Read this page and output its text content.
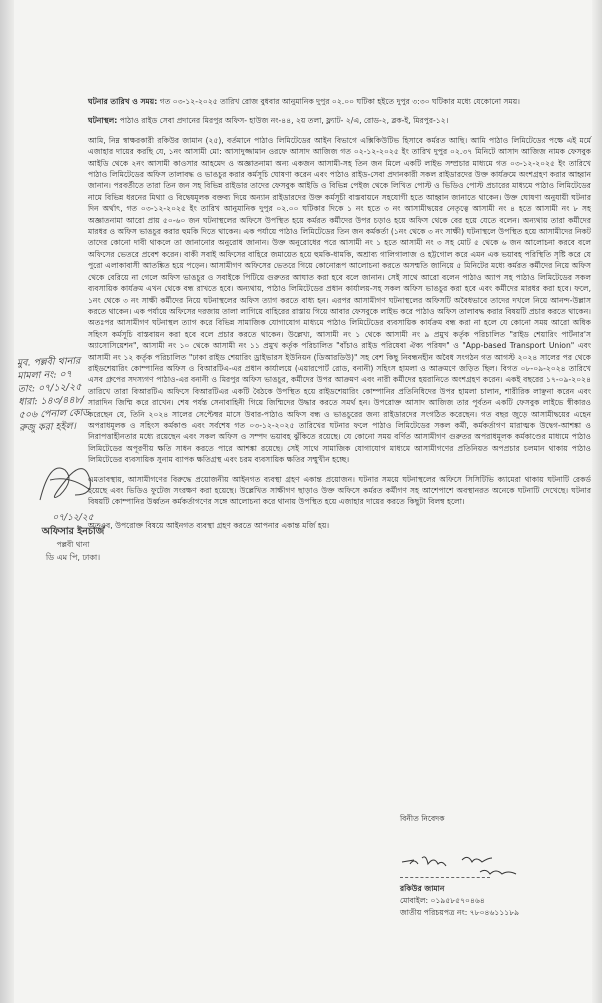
ঘটনার তারিখ ও সময়: গত ০৩-১২-২০২৫ তারিখ রোজ বুধবার আনুমানিক দুপুর ০২.০০ ঘটিকা হইতে দুপুর ৩:৩০ ঘটিকার মধ্যে যেকোনো সময়।

ঘটনাস্থল: পাঠাও রাইড সেবা প্রদানের মিরপুর অফিস- হাউজ নং-৪৪, ২য় তলা, ফ্ল্যাট- ২/এ, রোড-২, ব্লক-ই, মিরপুর-১২।

আমি, নিম্ন স্বাক্ষরকারী রকিউর জামান (২৫), বর্তমানে পাঠাও লিমিটেডের আইন বিভাগে এক্সিকিউটিভ হিসাবে কর্মরত আছি। আমি পাঠাও লিমিটেডের পক্ষে এই মর্মে এজাহার দায়ের করছি যে, ১নং আসামী মো: আসাদুজ্জামান ওরফে আসাদ আজিজ গত ০২-১২-২০২৫ ইং তারিখ দুপুর ০২.৩৭ মিনিটে আসাদ আজিজ নামক ফেসবুক আইডি থেকে ২নং আসামী কাওসার আহমেদ ও অজ্ঞাতনামা অন্য একজন আসামী-সহ তিন জন মিলে একটি লাইভ সম্প্রচার মাধ্যমে গত ০৩-১২-২০২৫ ইং তারিখে পাঠাও লিমিটেডের অফিস তালাবদ্ধ ও ভাঙচুর করার কর্মসূচি ঘোষণা করেন এবং পাঠাও রাইড-সেবা প্রদানকারী সকল রাইডারদের উক্ত কার্যক্রমে অংশগ্রহণ করার আহ্বান জানান। পরবর্তীতে তারা তিন জন সহ বিভিন্ন রাইডার তাদের ফেসবুক আইডি ও বিভিন্ন পেইজ থেকে লিখিত পোস্ট ও ভিডিও পোস্ট প্রচারের মাধ্যমে পাঠাও লিমিটেডের নামে বিভিন্ন ধরনের মিথ্যা ও বিদ্বেষমূলক বক্তব্য দিয়ে অন্যান রাইডারদের উক্ত কর্মসূচী বাস্তবায়নে সহযোগী হতে আহ্বান জানাতে থাকেন। উক্ত ঘোষণা অনুযায়ী ঘটনার দিন অর্থাৎ, গত ০৩-১২-২০২৫ ইং তারিখ আনুমানিক দুপুর ০২.০০ ঘটিকার দিকে ১ নং হতে ৩ নং আসামীদ্বয়ের নেতৃত্বে আসামী নং ৪ হতে আসামী নং ৮ সহ অজ্ঞাতনামা আরো প্রায় ৫০-৬০ জন ঘটনাস্থলের অফিসে উপস্থিত হয়ে কর্মরত কর্মীদের উপর চড়াও হয়ে অফিস থেকে বের হয়ে যেতে বলেন। অন্যথায় তারা কর্মীদের মারধর ও অফিস ভাঙচুর করার হুমকি দিতে থাকেন। এক পর্যায়ে পাঠাও লিমিটেডের তিন জন কর্মকর্তা (১নং থেকে ৩ নং সাক্ষী) ঘটনাস্থলে উপস্থিত হয়ে আসামীদের নিকট তাদের কোনো দাবী থাকলে তা জানানোর অনুরোধ জানান। উক্ত অনুরোধের পরে আসামী নং ১ হতে আসামী নং ৩ সহ মোট ৫ থেকে ৬ জন আলোচনা করবে বলে অফিসের ভেতরে প্রবেশ করেন। বাকী সবাই অফিসের বাহিরে জমায়েত হয়ে হুমকি-ধামকি, অশ্রাব্য গালিগালাজ ও হট্টগোল করে এমন এক ভয়াবহ পরিস্থিতি সৃষ্টি করে যে পুরো এলাকাবাসী আতঙ্কিত হয়ে পড়েন। আসামীগণ অফিসের ভেতরে গিয়ে কোনোরূপ আলোচনা করতে অসম্মতি জানিয়ে ৫ মিনিটের মধ্যে কর্মরত কর্মীদের নিয়ে অফিস থেকে বেরিয়ে না গেলে অফিস ভাঙচুর ও সবাইকে পিটিয়ে গুরুতর আঘাত করা হবে বলে জানান। সেই সাথে আরো বলেন পাঠাও অ্যাপ সহ পাঠাও লিমিটেডের সকল ব্যবসায়িক কার্যক্রম এখন থেকে বন্ধ রাখতে হবে। অন্যথায়, পাঠাও লিমিটেডের প্রধান কার্যালয়-সহ সকল অফিস ভাঙচুর করা হবে এবং কর্মীদের মারধর করা হবে। ফলে, ১নং থেকে ৩ নং সাক্ষী কর্মীদের নিয়ে ঘটনাস্থলের অফিস ত্যাগ করতে বাধ্য হন। এরপর আসামীগণ ঘটনাস্থলের অফিসটি অবৈধভাবে তাদের দখলে নিয়ে আনন্দ-উল্লাস করতে থাকেন। এক পর্যায়ে অফিসের দরজায় তালা লাগিয়ে বাহিরের রাস্তায় গিয়ে আবার ফেসবুকে লাইভ করে পাঠাও অফিস তালাবদ্ধ করার বিষয়টি প্রচার করতে থাকেন। অতঃপর আসামীগণ ঘটনাস্থল ত্যাগ করে বিভিন্ন সামাজিক যোগাযোগ মাধ্যমে পাঠাও লিমিটেডের ব্যবসায়িক কার্যক্রম বন্ধ করা না হলে যে কোনো সময় আরো অধিক সহিংস কর্মসূচি বাস্তবায়ন করা হবে বলে প্রচার করতে থাকেন। উল্লেখ্য, আসামী নং ১ থেকে আসামী নং ৯ প্রমুখ কর্তৃক পরিচালিত "রাইড শেয়ারিং পার্টনার'স অ্যাসোসিয়েশন", আসামী নং ১০ থেকে আসামী নং ১১ প্রমুখ কর্তৃক পরিচালিত "বাঁচাও রাইড পরিষেবা ঐক্য পরিষদ" ও "App-based Transport Union" এবং আসামী নং ১২ কর্তৃক পরিচালিত "ঢাকা রাইড শেয়ারিং ড্রাইভারস ইউনিয়ন (ডিআরডিউ)" সহ বেশ কিছু নিবন্ধনহীন অবৈধ সংগঠন গত আগস্ট ২০২৪ সালের পর থেকে রাইডশেয়ারিং কোম্পানির অফিস ও বিআরটিএ-এর প্রধান কার্যালয়ে (এয়ারপোর্ট রোড, বনানী) সহিংস হামলা ও আক্রমণে জড়িত ছিল। বিগত ০৮-০৯-২০২৪ তারিখে এসব গ্রুপের সদস্যগণ পাঠাও-এর বনানী ও মিরপুর অফিস ভাঙচুর, কর্মীদের উপর আক্রমণ এবং নারী কর্মীদের হয়রানিতে অংশগ্রহণ করেন। একই বছরের ১৭-০৯-২০২৪ তারিখে তারা বিআরটিএ অফিসে বিআরটিএর একটি বৈঠকে উপস্থিত হয়ে রাইডশেয়ারিং কোম্পানির প্রতিনিধিদের উপর হামলা চালান, শারীরিক লাঞ্ছনা করেন এবং সারাদিন জিম্মি করে রাখেন। শেষ পর্যন্ত সেনাবাহিনী গিয়ে জিম্মিদের উদ্ধার করতে সমর্থ হন। উপরোক্ত আসাদ আজিজ তার পূর্বতন একটি ফেসবুক লাইভে স্বীকারও করেছেন যে, তিনি ২০২৪ সালের সেপ্টেম্বর মাসে উবার-পাঠাও অফিস বন্ধ ও ভাঙচুরের জন্য রাইডারদের সংগঠিত করেছেন। গত বছর জুড়ে আসামীদ্বয়ের এহেন অপরাধমূলক ও সহিংস কর্মকাণ্ড এবং সর্বশেষ গত ০৩-১২-২০২৫ তারিখের ঘটনার ফলে পাঠাও লিমিটেডের সকল কর্মী, কর্মকর্তাগণ মারাত্মক উদ্বেগ-আশঙ্কা ও নিরাপত্তাহীনতার মধ্যে রয়েছেন এবং সকল অফিস ও সম্পদ ভয়াবহ ঝুঁকিতে রয়েছে। যে কোনো সময় বর্ণিত আসামীগণ গুরুতর অপরাধমূলক কর্মকাণ্ডের মাধ্যমে পাঠাও লিমিটেডের অপূরণীয় ক্ষতি সাধন করতে পারে আশঙ্কা রয়েছে। সেই সাথে সামাজিক যোগাযোগ মাধ্যমে আসামীগণের প্রতিনিয়ত অপপ্রচার চলমান থাকায় পাঠাও লিমিটেডের ব্যবসায়িক সুনাম ব্যাপক ক্ষতিগ্রস্থ এবং চরম ব্যবসায়িক ক্ষতির সম্মুখীন হচ্ছে।

এমতাবস্থায়, আসামীগণের বিরুদ্ধে প্রয়োজনীয় আইনগত ব্যবস্থা গ্রহণ একান্ত প্রয়োজন। ঘটনার সময়ে ঘটনাস্থলের অফিসে সিসিটিভি ক্যামেরা থাকায় ঘটনাটি রেকর্ড হয়েছে এবং ভিডিও ফুটেজ সংরক্ষণ করা হয়েছে। উল্লেখিত সাক্ষীগণ ছাড়াও উক্ত অফিসে কর্মরত কর্মীগণ সহ আশেপাশে অবস্থানরত অনেকে ঘটনাটি দেখেছে। ঘটনার বিষয়টি কোম্পানির উর্ধ্বতন কর্মকর্তাগণের সঙ্গে আলোচনা করে থানায় উপস্থিত হয়ে এজাহার দায়ের করতে কিছুটা বিলম্ব হলো।

অতএব, উপরোক্ত বিষয়ে আইনগত ব্যবস্থা গ্রহণ করতে আপনার একান্ত মর্জি হয়।

বিনীত নিবেদক
রকিউর জামান
মোবাইল: ০১৯৫৮৫৭০৪৬৪
জাতীয় পরিচয়পত্র নং: ৭৮০৪৬১১১৮৯
মুব. পল্লবী থানার
মামলা নং: ০৭
তাং: ০৭/১২/২৫
ধারা: ১৪৩/৪৪৮/
৫০৬ পেনাল কোড
রুজু করা হইল।
০৭/১২/২৫
অফিসার ইনচার্জ
পল্লবী থানা
ডি এম পি, ঢাকা।
